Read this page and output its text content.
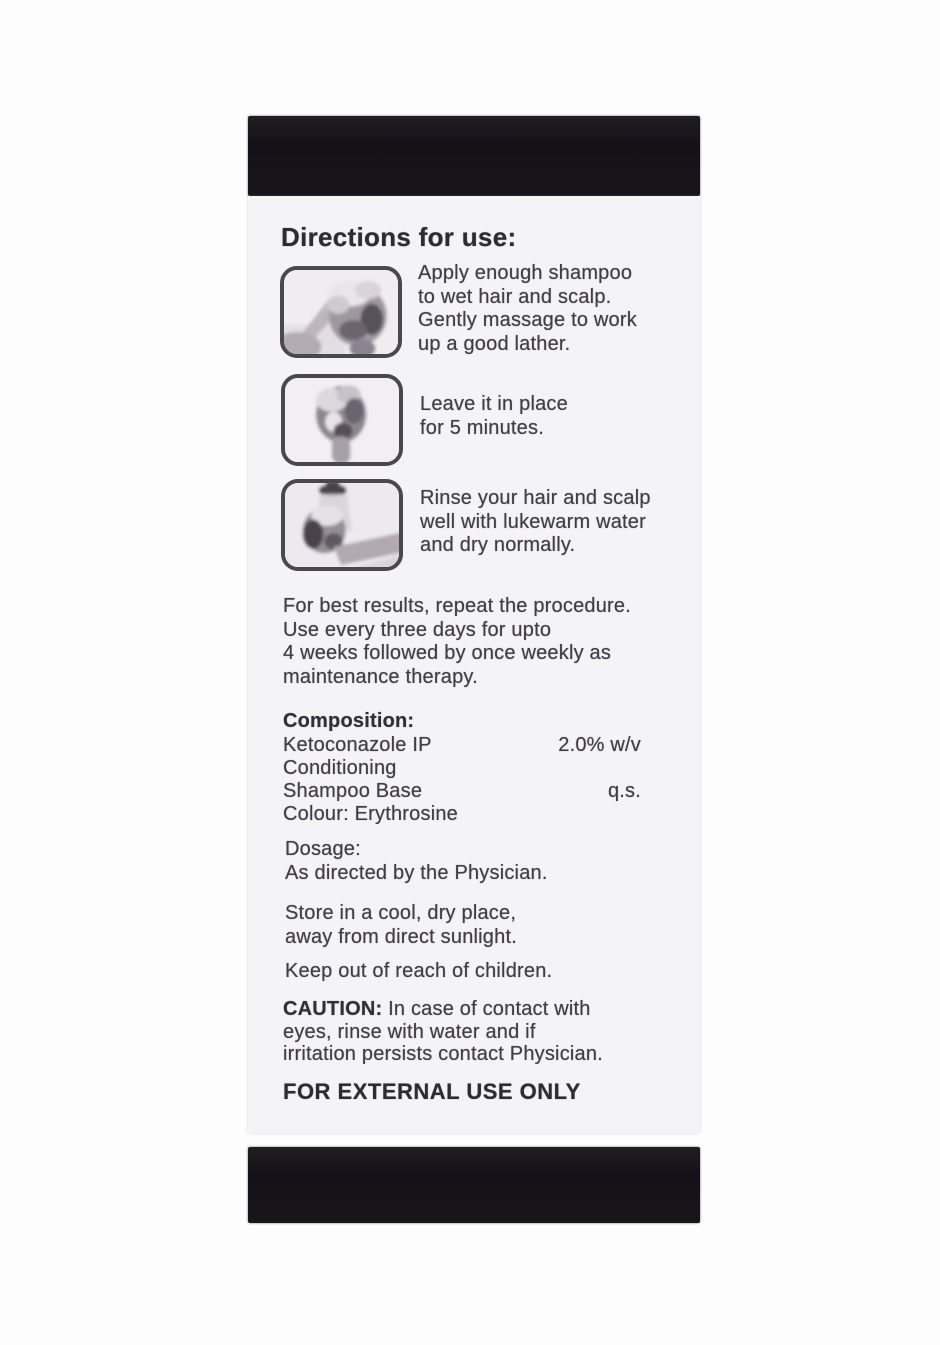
Directions for use:
Apply enough shampoo
to wet hair and scalp.
Gently massage to work
up a good lather.
Leave it in place
for 5 minutes.
Rinse your hair and scalp
well with lukewarm water
and dry normally.
For best results, repeat the procedure.
Use every three days for upto
4 weeks followed by once weekly as
maintenance therapy.
Composition:
Ketoconazole IP	2.0% w/v
Conditioning
Shampoo Base	q.s.
Colour: Erythrosine
Dosage:
As directed by the Physician.
Store in a cool, dry place,
away from direct sunlight.
Keep out of reach of children.
CAUTION: In case of contact with
eyes, rinse with water and if
irritation persists contact Physician.
FOR EXTERNAL USE ONLY
